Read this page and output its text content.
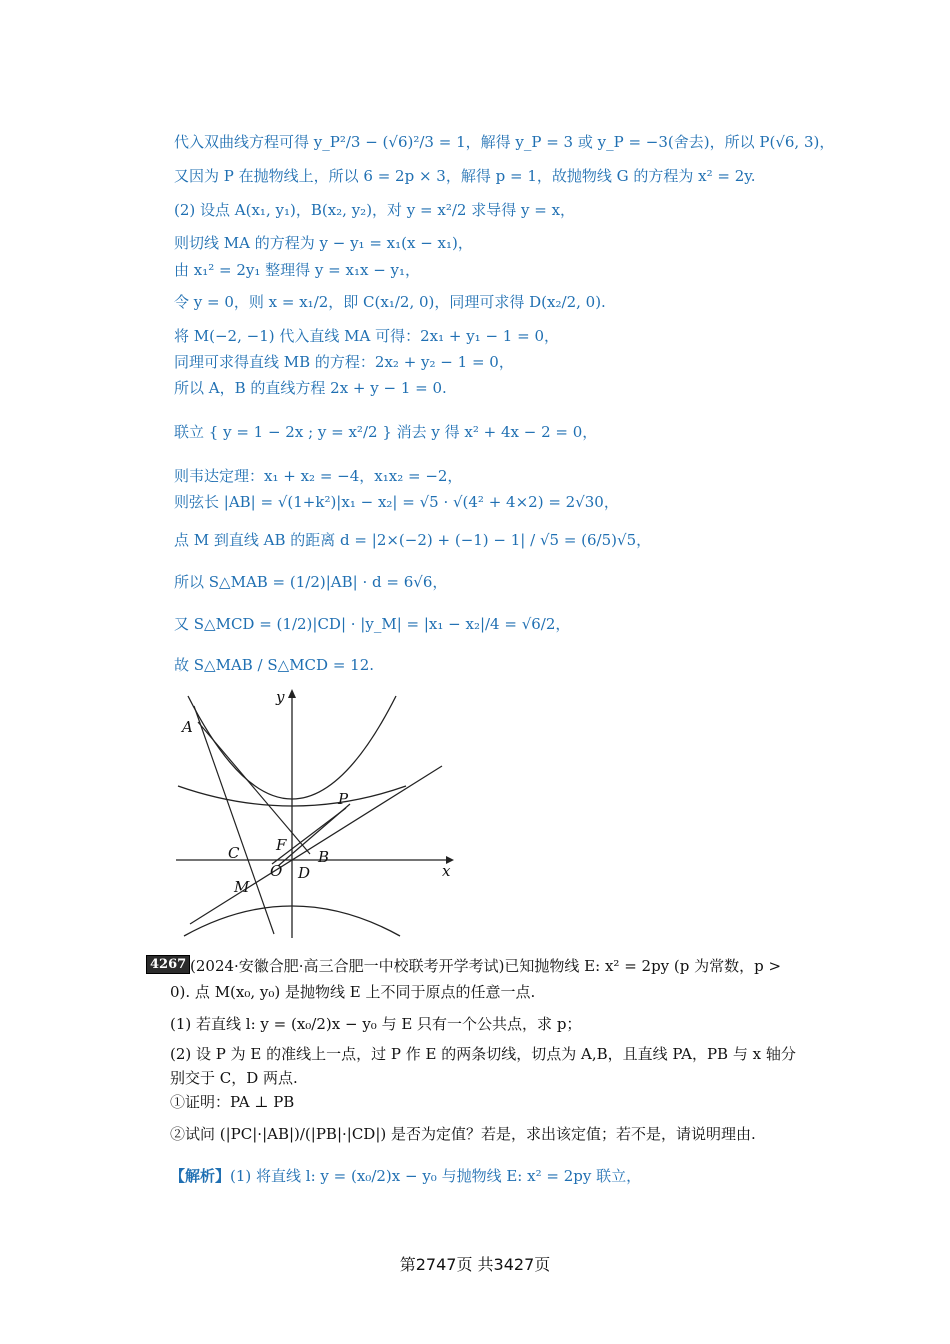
代入双曲线方程可得 y_P²/3 − (√6)²/3 = 1，解得 y_P = 3 或 y_P = −3(舍去)，所以 P(√6, 3)，
又因为 P 在抛物线上，所以 6 = 2p × 3，解得 p = 1，故抛物线 G 的方程为 x² = 2y.
(2) 设点 A(x₁, y₁)，B(x₂, y₂)，对 y = x²/2 求导得 y = x，
则切线 MA 的方程为 y − y₁ = x₁(x − x₁)，
由 x₁² = 2y₁ 整理得 y = x₁x − y₁，
令 y = 0，则 x = x₁/2，即 C(x₁/2, 0)，同理可求得 D(x₂/2, 0).
将 M(−2, −1) 代入直线 MA 可得：2x₁ + y₁ − 1 = 0，
同理可求得直线 MB 的方程：2x₂ + y₂ − 1 = 0，
所以 A，B 的直线方程 2x + y − 1 = 0.
联立 { y = 1 − 2x ; y = x²/2 } 消去 y 得 x² + 4x − 2 = 0，
则韦达定理：x₁ + x₂ = −4，x₁x₂ = −2，
则弦长 |AB| = √(1+k²)|x₁ − x₂| = √5 · √(4² + 4×2) = 2√30，
点 M 到直线 AB 的距离 d = |2×(−2) + (−1) − 1| / √5 = (6/5)√5，
所以 S△MAB = (1/2)|AB| · d = 6√6，
又 S△MCD = (1/2)|CD| · |y_M| = |x₁ − x₂|/4 = √6/2，
故 S△MAB / S△MCD = 12.
y
x
A
P
F
B
C
O D
M
4267 (2024·安徽合肥·高三合肥一中校联考开学考试)已知抛物线 E: x² = 2py (p 为常数，p >
0). 点 M(x₀, y₀) 是抛物线 E 上不同于原点的任意一点.
(1) 若直线 l: y = (x₀/2)x − y₀ 与 E 只有一个公共点，求 p；
(2) 设 P 为 E 的准线上一点，过 P 作 E 的两条切线，切点为 A,B，且直线 PA，PB 与 x 轴分
别交于 C，D 两点.
①证明：PA ⊥ PB
②试问 (|PC|·|AB|)/(|PB|·|CD|) 是否为定值？若是，求出该定值；若不是，请说明理由.
【解析】(1) 将直线 l: y = (x₀/2)x − y₀ 与抛物线 E: x² = 2py 联立，
第2747页 共3427页
